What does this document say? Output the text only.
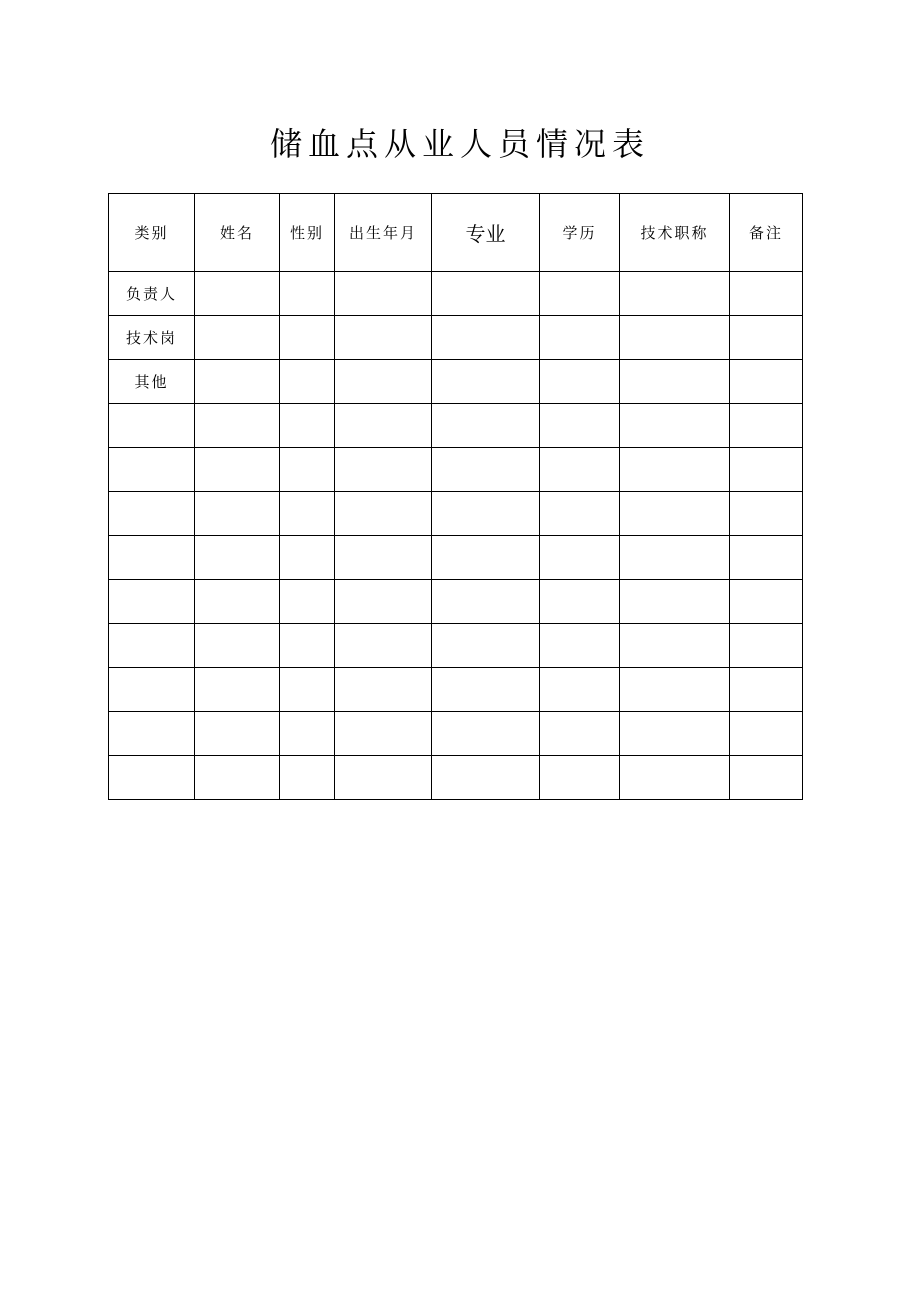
储血点从业人员情况表
类别	姓名	性别	出生年月	专业	学历	技术职称	备注
负责人							
技术岗							
其他							
